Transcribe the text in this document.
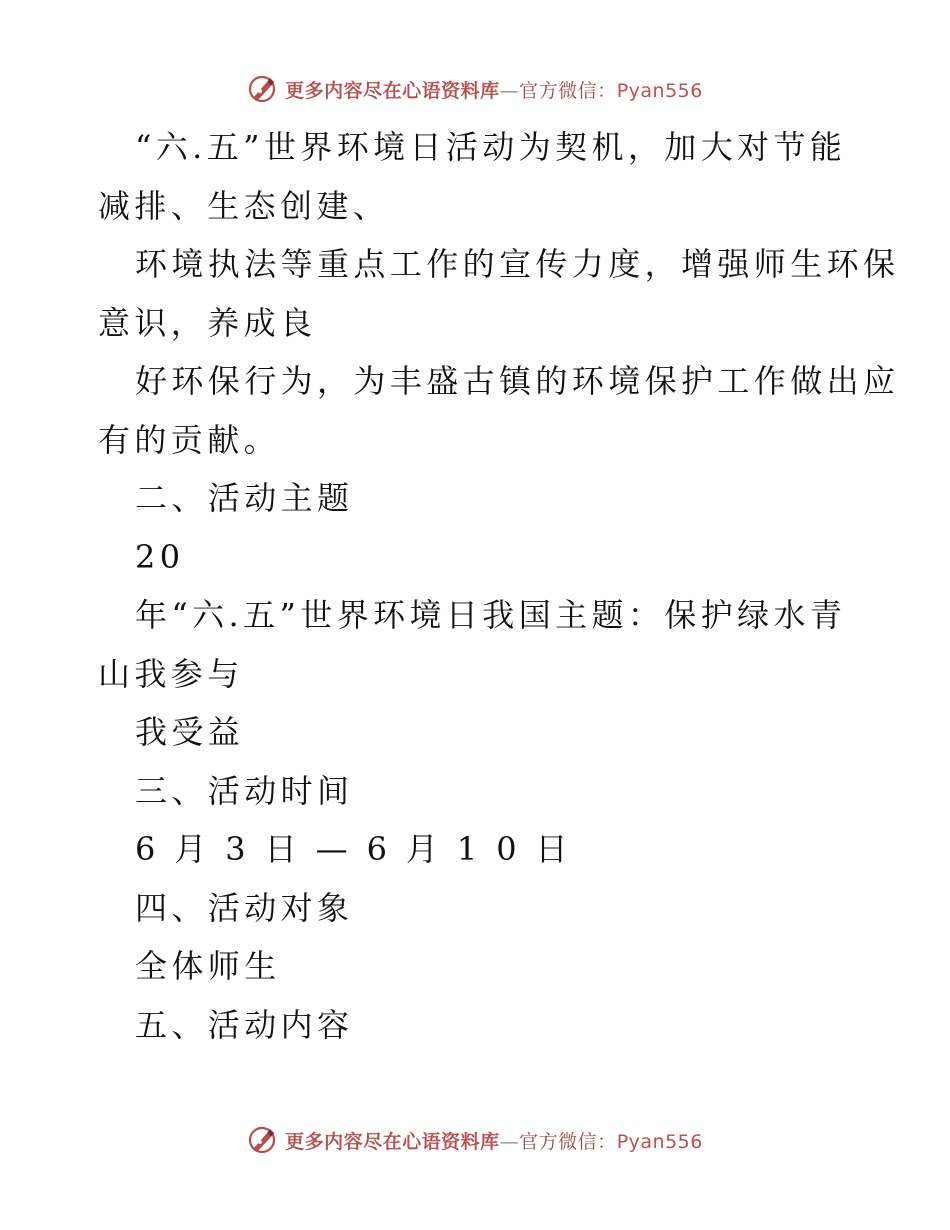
更多内容尽在心语资料库—官方微信：Pyan556
“六.五”世界环境日活动为契机，加大对节能
减排、生态创建、
环境执法等重点工作的宣传力度，增强师生环保
意识，养成良
好环保行为，为丰盛古镇的环境保护工作做出应
有的贡献。
二、活动主题
20
年“六.五”世界环境日我国主题：保护绿水青
山我参与
我受益
三、活动时间
6 月 3 日 — 6 月 1 0 日
四、活动对象
全体师生
五、活动内容
更多内容尽在心语资料库—官方微信：Pyan556
